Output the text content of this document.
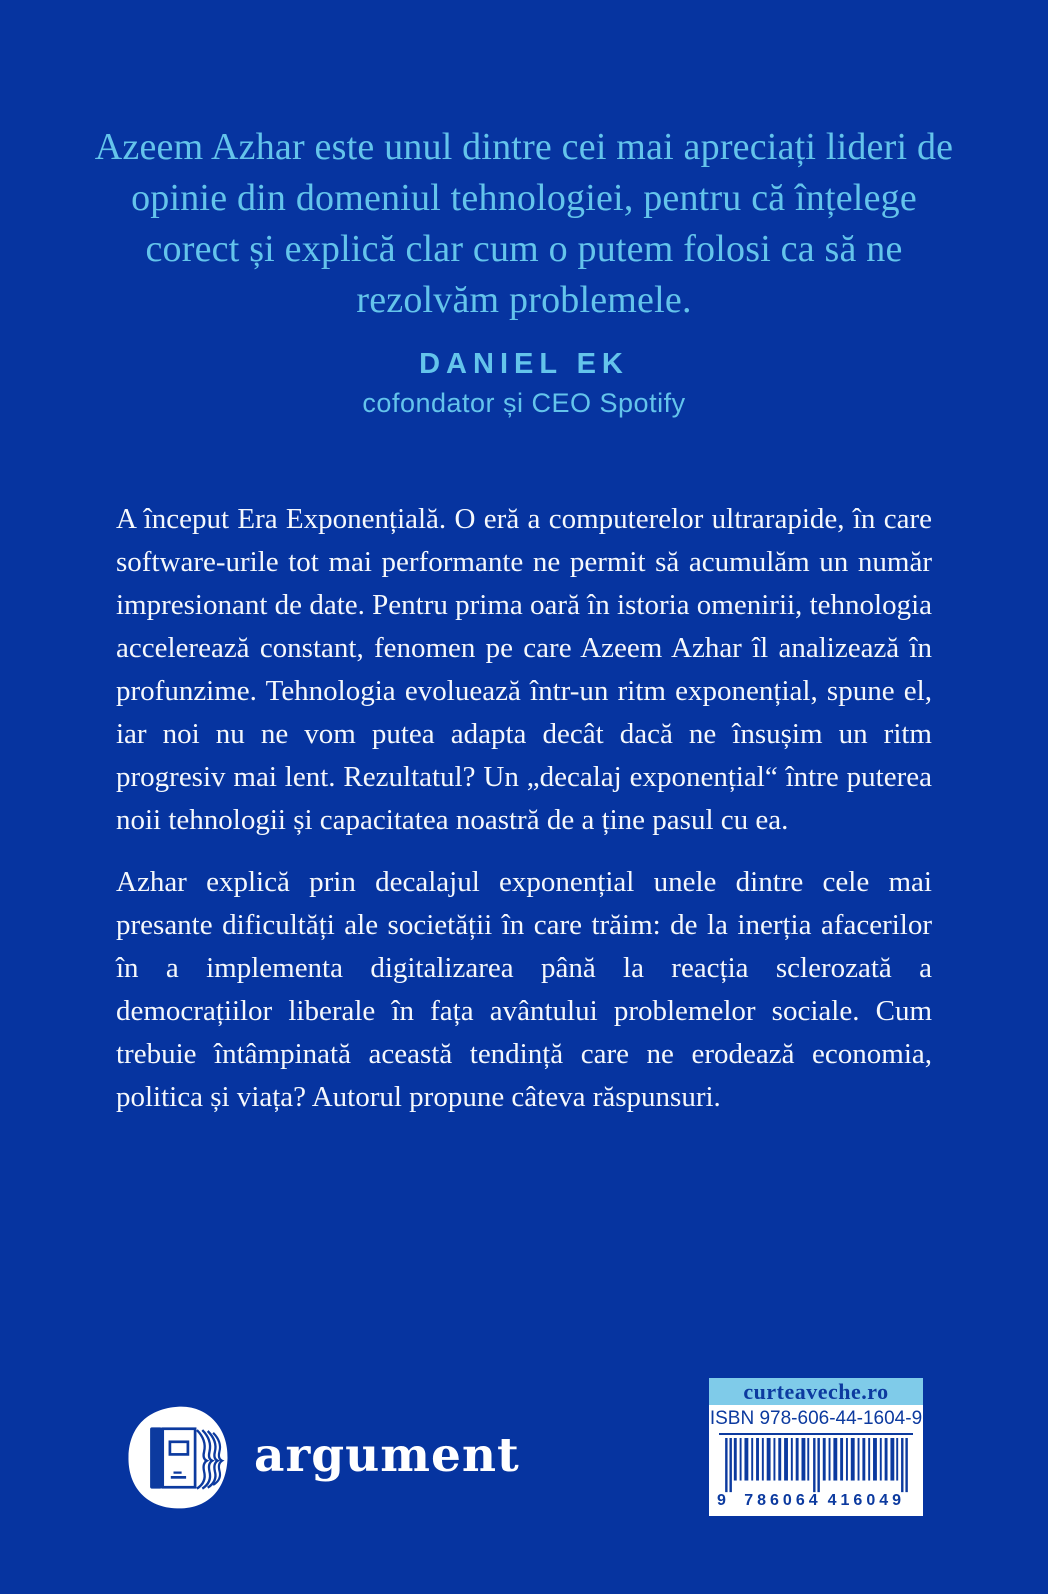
Azeem Azhar este unul dintre cei mai apreciați lideri de opinie din domeniul tehnologiei, pentru că înțelege corect și explică clar cum o putem folosi ca să ne rezolvăm problemele.
DANIEL EK
cofondator și CEO Spotify

A început Era Exponențială. O eră a computerelor ultrarapide, în care software-urile tot mai performante ne permit să acumulăm un număr impresionant de date. Pentru prima oară în istoria omenirii, tehnologia accelerează constant, fenomen pe care Azeem Azhar îl analizează în profunzime. Tehnologia evoluează într-un ritm exponențial, spune el, iar noi nu ne vom putea adapta decât dacă ne însușim un ritm progresiv mai lent. Rezultatul? Un „decalaj exponențial“ între puterea noii tehnologii și capacitatea noastră de a ține pasul cu ea.

Azhar explică prin decalajul exponențial unele dintre cele mai presante dificultăți ale societății în care trăim: de la inerția afacerilor în a implementa digitalizarea până la reacția sclerozată a democrațiilor liberale în fața avântului problemelor sociale. Cum trebuie întâmpinată această tendință care ne erodează economia, politica și viața? Autorul propune câteva răspunsuri.

argument
curteaveche.ro
ISBN 978-606-44-1604-9
9 786064 416049
